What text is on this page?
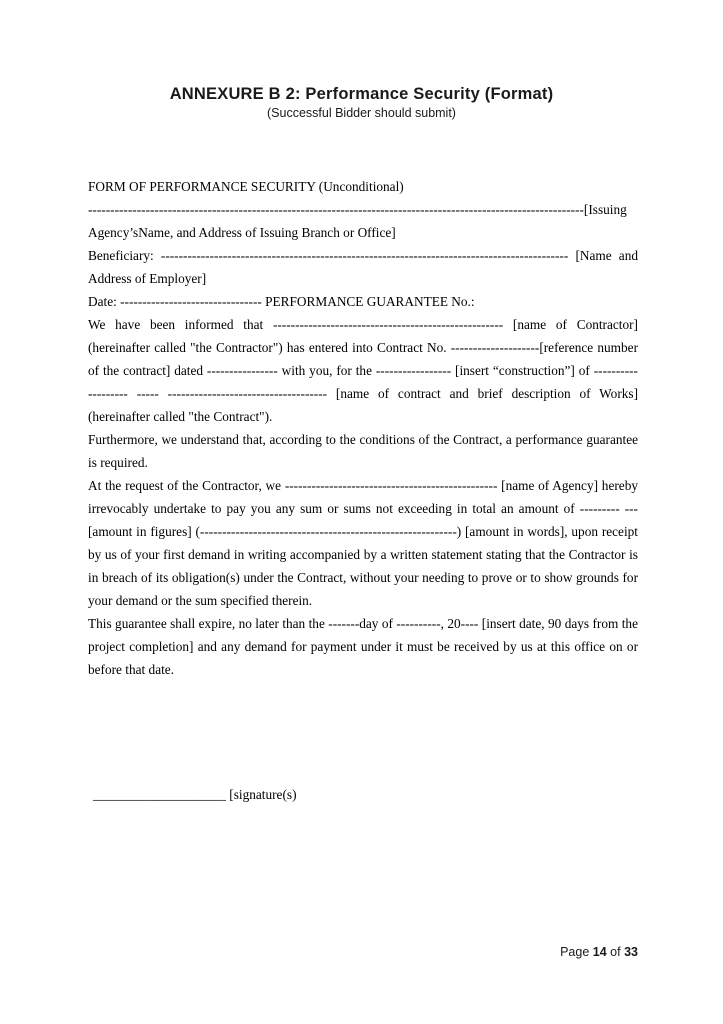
ANNEXURE B 2: Performance Security (Format)
(Successful Bidder should submit)
FORM OF PERFORMANCE SECURITY (Unconditional)
----------------------------------------------------------------------------------------------------------------[Issuing
Agency’sName, and Address of Issuing Branch or Office]
Beneficiary: -------------------------------------------------------------------------------------------- [Name and
Address of Employer]
Date: -------------------------------- PERFORMANCE GUARANTEE No.:
We have been informed that ---------------------------------------------------- [name of Contractor]
(hereinafter called "the Contractor") has entered into Contract No. --------------------[reference number
of the contract] dated ---------------- with you, for the ----------------- [insert “construction”] of ----------
--------- ----- ------------------------------------ [name of contract and brief description of Works]
(hereinafter called "the Contract").
Furthermore, we understand that, according to the conditions of the Contract, a performance guarantee
is required.
At the request of the Contractor, we ------------------------------------------------ [name of Agency] hereby
irrevocably undertake to pay you any sum or sums not exceeding in total an amount of --------- ---
[amount in figures] (----------------------------------------------------------) [amount in words], upon receipt
by us of your first demand in writing accompanied by a written statement stating that the Contractor is
in breach of its obligation(s) under the Contract, without your needing to prove or to show grounds for
your demand or the sum specified therein.
This guarantee shall expire, no later than the -------day of ----------, 20---- [insert date, 90 days from the
project completion] and any demand for payment under it must be received by us at this office on or
before that date.
____________________ [signature(s)
Page 14 of 33
